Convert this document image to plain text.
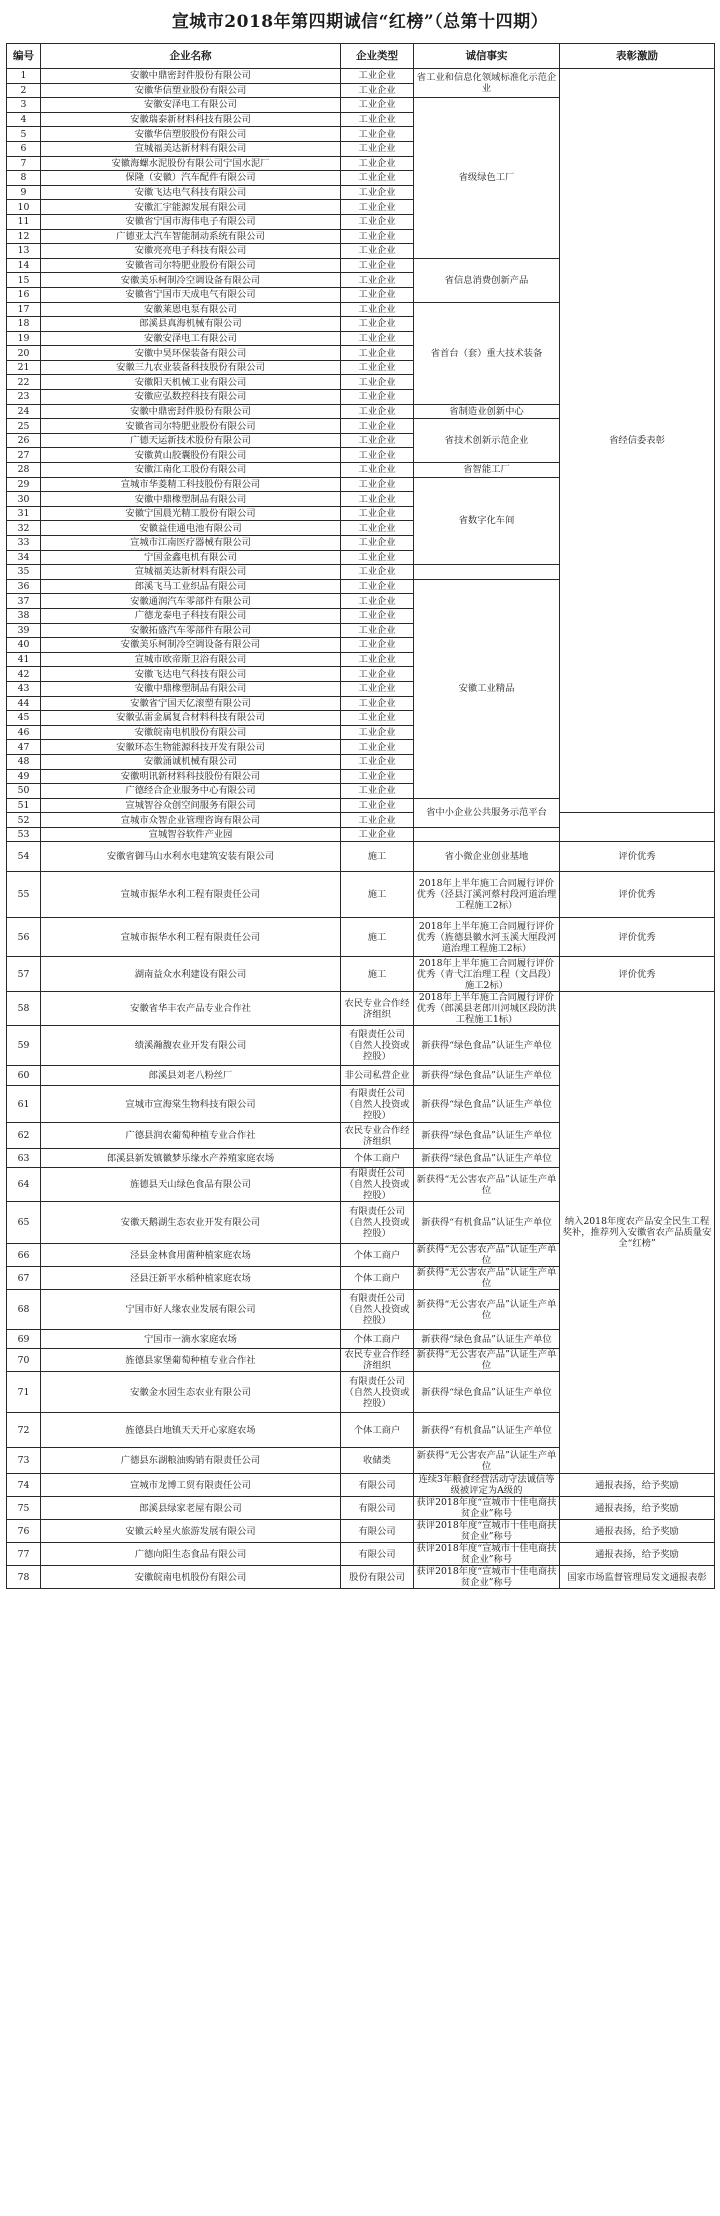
宣城市2018年第四期诚信“红榜”（总第十四期）
编号	企业名称	企业类型	诚信事实	表彰激励
1	安徽中鼎密封件股份有限公司	工业企业	省工业和信息化领域标准化示范企业	省经信委表彰
2	安徽华信塑业股份有限公司	工业企业		
3	安徽安泽电工有限公司	工业企业	省级绿色工厂	
4	安徽瑞泰新材料科技有限公司	工业企业		
5	安徽华信塑胶股份有限公司	工业企业		
6	宣城福美达新材料有限公司	工业企业		
7	安徽海螺水泥股份有限公司宁国水泥厂	工业企业		
8	保隆（安徽）汽车配件有限公司	工业企业		
9	安徽飞达电气科技有限公司	工业企业		
10	安徽汇宇能源发展有限公司	工业企业		
11	安徽省宁国市海伟电子有限公司	工业企业		
12	广德亚太汽车智能制动系统有限公司	工业企业		
13	安徽亮亮电子科技有限公司	工业企业		
14	安徽省司尔特肥业股份有限公司	工业企业	省信息消费创新产品	
15	安徽美乐柯制冷空调设备有限公司	工业企业		
16	安徽省宁国市天成电气有限公司	工业企业		
17	安徽莱恩电泵有限公司	工业企业	省首台（套）重大技术装备	
18	郎溪县真海机械有限公司	工业企业		
19	安徽安泽电工有限公司	工业企业		
20	安徽中昊环保装备有限公司	工业企业		
21	安徽三九农业装备科技股份有限公司	工业企业		
22	安徽阳天机械工业有限公司	工业企业		
23	安徽应弘数控科技有限公司	工业企业		
24	安徽中鼎密封件股份有限公司	工业企业	省制造业创新中心	
25	安徽省司尔特肥业股份有限公司	工业企业	省技术创新示范企业	
26	广德天运新技术股份有限公司	工业企业		
27	安徽黄山胶囊股份有限公司	工业企业		
28	安徽江南化工股份有限公司	工业企业	省智能工厂	
29	宣城市华菱精工科技股份有限公司	工业企业	省数字化车间	
30	安徽中鼎橡塑制品有限公司	工业企业		
31	安徽宁国晨光精工股份有限公司	工业企业		
32	安徽益佳通电池有限公司	工业企业		
33	宣城市江南医疗器械有限公司	工业企业		
34	宁国金鑫电机有限公司	工业企业		
35	宣城福美达新材料有限公司	工业企业		
36	郎溪飞马工业织品有限公司	工业企业	安徽工业精品	
37	安徽通润汽车零部件有限公司	工业企业		
38	广德龙泰电子科技有限公司	工业企业		
39	安徽拓盛汽车零部件有限公司	工业企业		
40	安徽美乐柯制冷空调设备有限公司	工业企业		
41	宣城市欧帝斯卫浴有限公司	工业企业		
42	安徽飞达电气科技有限公司	工业企业		
43	安徽中鼎橡塑制品有限公司	工业企业		
44	安徽省宁国天亿滚塑有限公司	工业企业		
45	安徽弘雷金属复合材料科技有限公司	工业企业		
46	安徽皖南电机股份有限公司	工业企业		
47	安徽环态生物能源科技开发有限公司	工业企业		
48	安徽涌诚机械有限公司	工业企业		
49	安徽明讯新材料科技股份有限公司	工业企业		
50	广德经合企业服务中心有限公司	工业企业		
51	宣城智谷众创空间服务有限公司	工业企业	省中小企业公共服务示范平台	
52	宣城市众智企业管理咨询有限公司	工业企业		
53	宣城智谷软件产业园	工业企业		
54	安徽省御马山水利水电建筑安装有限公司	施工	省小微企业创业基地	评价优秀
55	宣城市振华水利工程有限责任公司	施工	2018年上半年施工合同履行评价优秀（泾县汀溪河蔡村段河道治理工程施工2标）	评价优秀
56	宣城市振华水利工程有限责任公司	施工	2018年上半年施工合同履行评价优秀（旌德县徽水河玉溪大厘段河道治理工程施工2标）	评价优秀
57	湖南益众水利建设有限公司	施工	2018年上半年施工合同履行评价优秀（青弋江治理工程（文昌段）施工2标）	评价优秀
58	安徽省华丰农产品专业合作社	农民专业合作经济组织	2018年上半年施工合同履行评价优秀（郎溪县老郎川河城区段防洪工程施工1标）	纳入2018年度农产品安全民生工程奖补，推荐列入安徽省农产品质量安全“红榜”
59	绩溪瀚馥农业开发有限公司	有限责任公司（自然人投资或控股）	新获得“绿色食品”认证生产单位	
60	郎溪县刘老八粉丝厂	非公司私营企业	新获得“绿色食品”认证生产单位	
61	宣城市宣海棠生物科技有限公司	有限责任公司（自然人投资或控股）	新获得“绿色食品”认证生产单位	
62	广德县润农葡萄种植专业合作社	农民专业合作经济组织	新获得“绿色食品”认证生产单位	
63	郎溪县新发镇徽梦乐缘水产养殖家庭农场	个体工商户	新获得“绿色食品”认证生产单位	
64	旌德县天山绿色食品有限公司	有限责任公司（自然人投资或控股）	新获得“无公害农产品”认证生产单位	
65	安徽天鹅湖生态农业开发有限公司	有限责任公司（自然人投资或控股）	新获得“有机食品”认证生产单位	
66	泾县金林食用菌种植家庭农场	个体工商户	新获得“无公害农产品”认证生产单位	
67	泾县汪新平水稻种植家庭农场	个体工商户	新获得“无公害农产品”认证生产单位	
68	宁国市好人缘农业发展有限公司	有限责任公司（自然人投资或控股）	新获得“无公害农产品”认证生产单位	
69	宁国市一滴水家庭农场	个体工商户	新获得“绿色食品”认证生产单位	
70	旌德县家堡葡萄种植专业合作社	农民专业合作经济组织	新获得“无公害农产品”认证生产单位	
71	安徽金水园生态农业有限公司	有限责任公司（自然人投资或控股）	新获得“绿色食品”认证生产单位	
72	旌德县白地镇天天开心家庭农场	个体工商户	新获得“有机食品”认证生产单位	
73	广德县东湖粮油购销有限责任公司	收储类	新获得“无公害农产品”认证生产单位	
74	宣城市龙博工贸有限责任公司	有限公司	连续3年粮食经营活动守法诚信等级被评定为A级的	通报表扬，给予奖励
75	郎溪县绿家老屋有限公司	有限公司	获评2018年度“宣城市十佳电商扶贫企业”称号	通报表扬，给予奖励
76	安徽云岭星火旅游发展有限公司	有限公司	获评2018年度“宣城市十佳电商扶贫企业”称号	通报表扬，给予奖励
77	广德向阳生态食品有限公司	有限公司	获评2018年度“宣城市十佳电商扶贫企业”称号	通报表扬，给予奖励
78	安徽皖南电机股份有限公司	股份有限公司	获评2018年度“宣城市十佳电商扶贫企业”称号	国家市场监督管理局发文通报表彰
